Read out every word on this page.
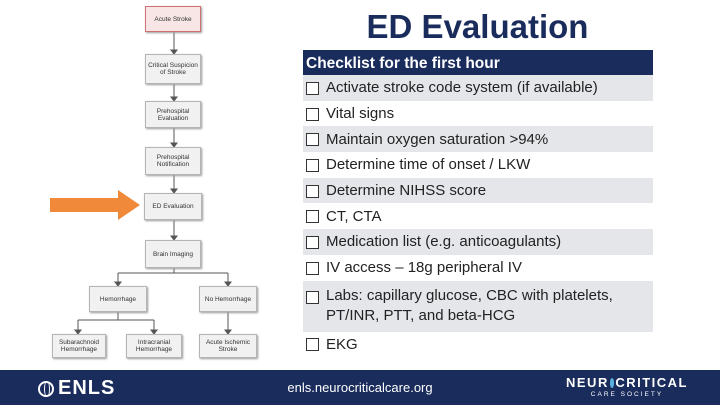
Acute Stroke
Critical Suspicion of Stroke
Prehospital Evaluation
Prehospital Notification
ED Evaluation
Brain Imaging
Hemorrhage	No Hemorrhage
Subarachnoid Hemorrhage
Intracranial Hemorrhage
Acute Ischemic Stroke
ED Evaluation
Checklist for the first hour
Activate stroke code system (if available)
Vital signs
Maintain oxygen saturation >94%
Determine time of onset / LKW
Determine NIHSS score
CT, CTA
Medication list (e.g. anticoagulants)
IV access – 18g peripheral IV
Labs: capillary glucose, CBC with platelets, PT/INR, PTT, and beta-HCG
EKG
ENLS	enls.neurocriticalcare.org	NEUR CRITICAL
CARE SOCIETY
